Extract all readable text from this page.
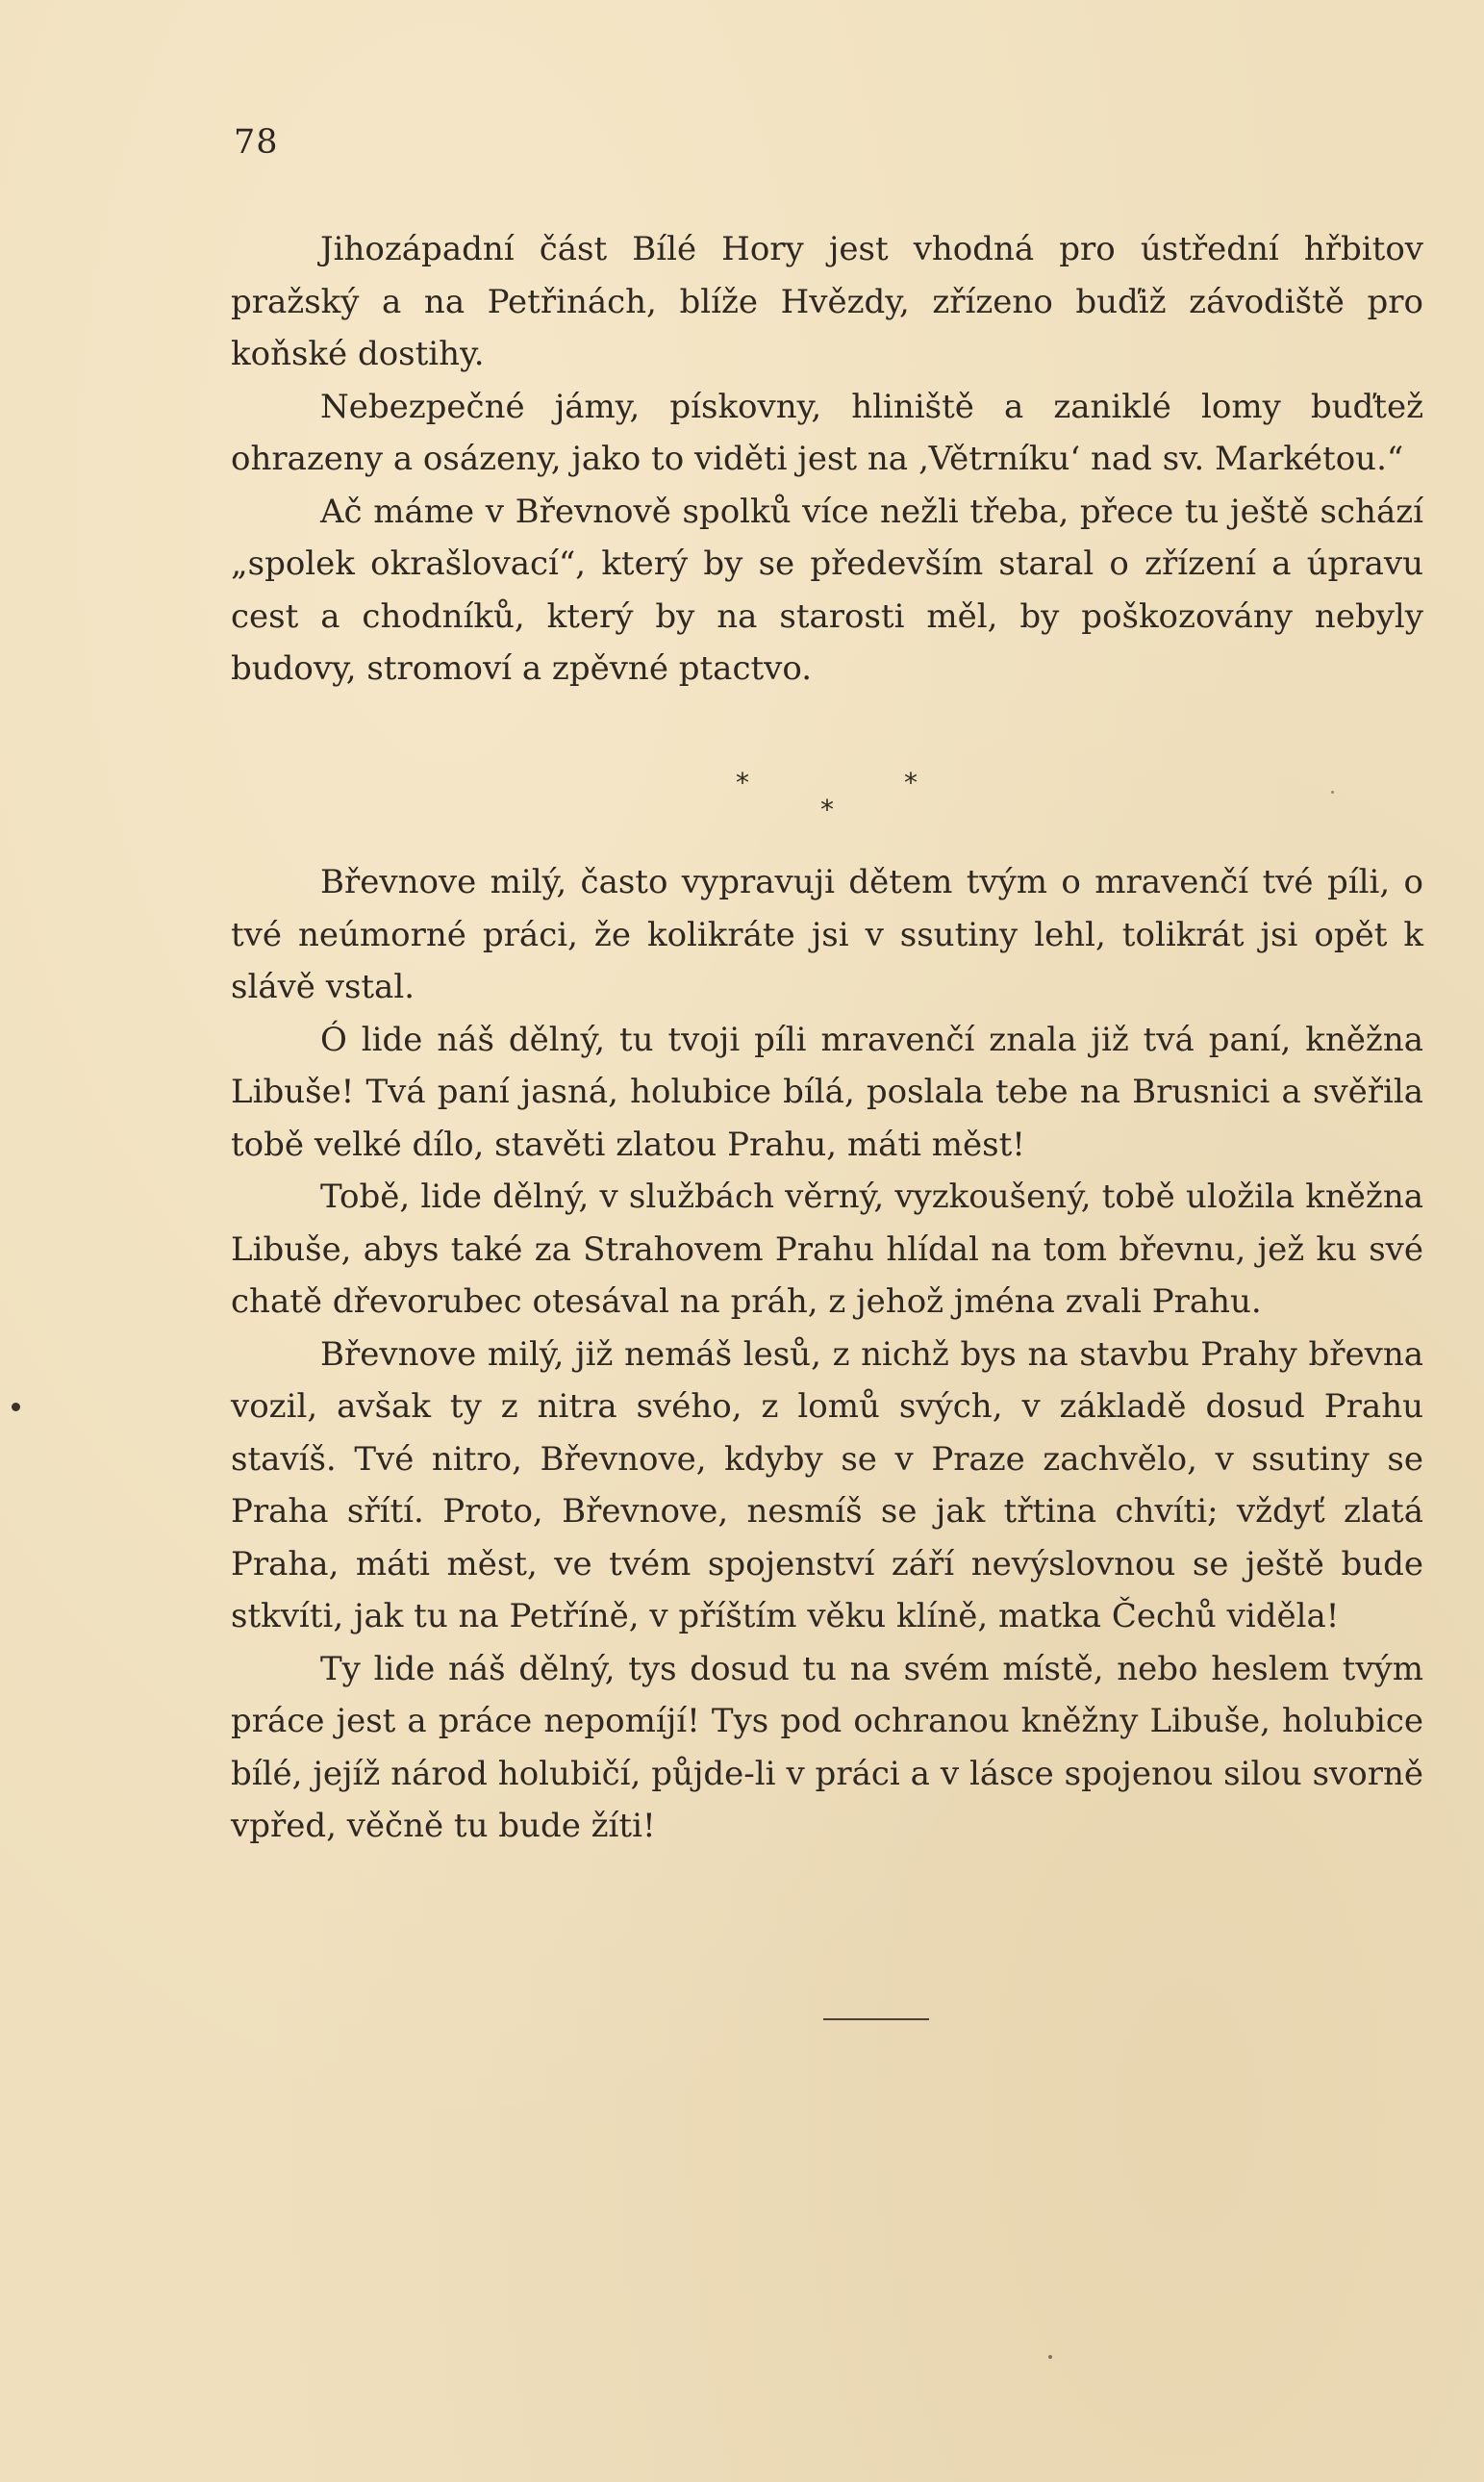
78

Jihozápadní část Bílé Hory jest vhodná pro ústřední hřbitov pražský a na Petřinách, blíže Hvězdy, zřízeno buďiž závodiště pro koňské dostihy.

Nebezpečné jámy, pískovny, hliniště a zaniklé lomy buďtež ohrazeny a osázeny, jako to viděti jest na ‚Větrníku‘ nad sv. Markétou.“

Ač máme v Břevnově spolků více nežli třeba, přece tu ještě schází „spolek okrašlovací“, který by se především staral o zřízení a úpravu cest a chodníků, který by na starosti měl, by poškozovány nebyly budovy, stromoví a zpěvné ptactvo.

*	*
*

Břevnove milý, často vypravuji dětem tvým o mravenčí tvé píli, o tvé neúmorné práci, že kolikráte jsi v ssutiny lehl, tolikrát jsi opět k slávě vstal.

Ó lide náš dělný, tu tvoji píli mravenčí znala již tvá paní, kněžna Libuše! Tvá paní jasná, holubice bílá, poslala tebe na Brusnici a svěřila tobě velké dílo, stavěti zlatou Prahu, máti měst!

Tobě, lide dělný, v službách věrný, vyzkoušený, tobě uložila kněžna Libuše, abys také za Strahovem Prahu hlídal na tom břevnu, jež ku své chatě dřevorubec otesával na práh, z jehož jména zvali Prahu.

Břevnove milý, již nemáš lesů, z nichž bys na stavbu Prahy břevna vozil, avšak ty z nitra svého, z lomů svých, v základě dosud Prahu stavíš. Tvé nitro, Břevnove, kdyby se v Praze zachvělo, v ssutiny se Praha sřítí. Proto, Břevnove, nesmíš se jak třtina chvíti; vždyť zlatá Praha, máti měst, ve tvém spojenství září nevýslovnou se ještě bude stkvíti, jak tu na Petříně, v příštím věku klíně, matka Čechů viděla!

Ty lide náš dělný, tys dosud tu na svém místě, nebo heslem tvým práce jest a práce nepomíjí! Tys pod ochranou kněžny Libuše, holubice bílé, jejíž národ holubičí, půjde-li v práci a v lásce spojenou silou svorně vpřed, věčně tu bude žíti!
